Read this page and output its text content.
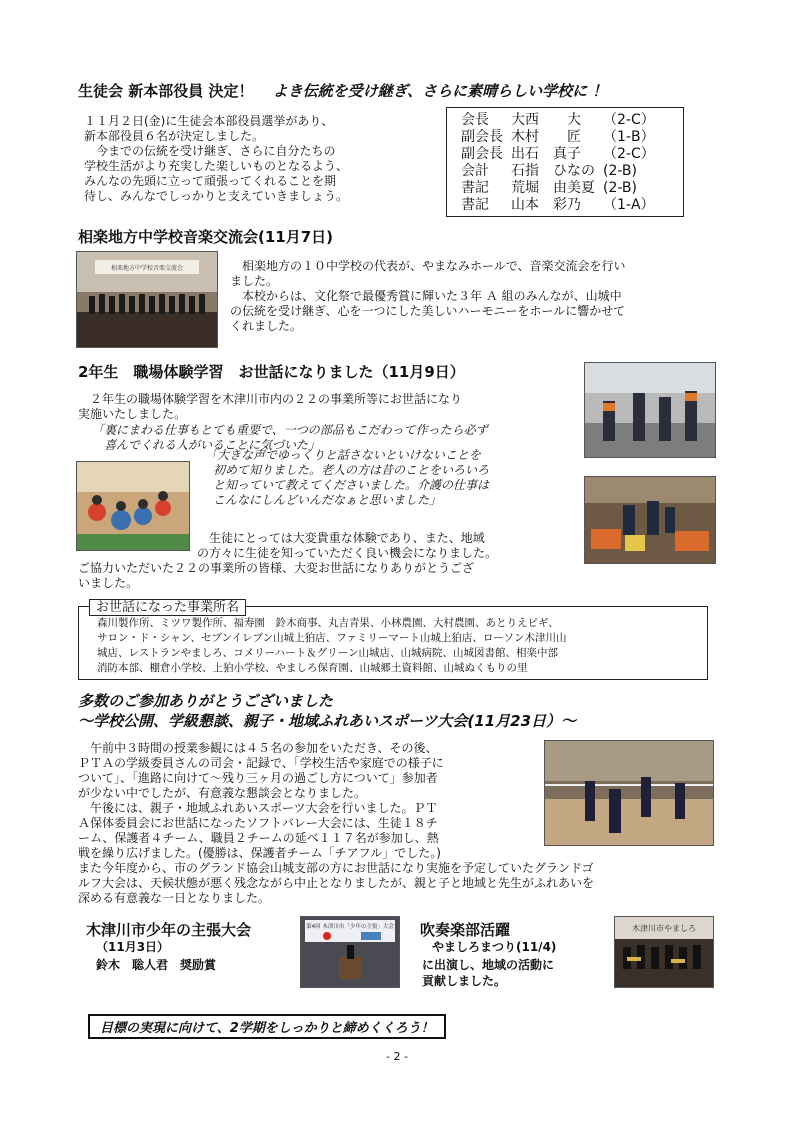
生徒会 新本部役員 決定！ よき伝統を受け継ぎ、さらに素晴らしい学校に ！
１１月２日(金)に生徒会本部役員選挙があり、
新本部役員６名が決定しました。
今までの伝統を受け継ぎ、さらに自分たちの
学校生活がより充実した楽しいものとなるよう、
みんなの先頭に立って頑張ってくれることを期
待し、みんなでしっかりと支えていきましょう。
会長	大西　　大	（2-C）
副会長	木村　　匠	（1-B）
副会長	出石　真子	（2-C）
会計	石指　ひなの	(2-B)
書記	荒堀　由美夏	(2-B)
書記	山本　彩乃	（1-A）
相楽地方中学校音楽交流会(11月7日)
相楽地方中学校音楽交流会	相楽地方の１０中学校の代表が、やまなみホールで、音楽交流会を行い
ました。
本校からは、文化祭で最優秀賞に輝いた３年 Ａ 組のみんなが、山城中
の伝統を受け継ぎ、心を一つにした美しいハーモニーをホールに響かせて
くれました。
2年生　職場体験学習　お世話になりました（11月9日）
２年生の職場体験学習を木津川市内の２２の事業所等にお世話になり
実施いたしました。
「裏にまわる仕事もとても重要で、一つの部品もこだわって作ったら必ず
喜んでくれる人がいることに気づいた」
「大きな声でゆっくりと話さないといけないことを
初めて知りました。老人の方は昔のことをいろいろ
と知っていて教えてくださいました。介護の仕事は
こんなにしんどいんだなぁと思いました」
生徒にとっては大変貴重な体験であり、また、地域
の方々に生徒を知っていただく良い機会になりました。
ご協力いただいた２２の事業所の皆様、大変お世話になりありがとうござ
いました。
お世話になった事業所名
森川製作所、ミツワ製作所、福寿園　鈴木商事、丸吉青果、小林農園、大村農園、あとりえピギ、
サロン・ド・シャン、セブンイレブン山城上狛店、ファミリーマート山城上狛店、ローソン木津川山
城店、レストランやましろ、コメリーハート＆グリーン山城店、山城病院、山城図書館、相楽中部
消防本部、棚倉小学校、上狛小学校、やましろ保育園、山城郷土資料館、山城ぬくもりの里
多数のご参加ありがとうございました
～学校公開、学級懇談、親子・地域ふれあいスポーツ大会(11月23日）～
午前中３時間の授業参観には４５名の参加をいただき、その後、
ＰＴＡの学級委員さんの司会・記録で、「学校生活や家庭での様子に
ついて」、「進路に向けて～残り三ヶ月の過ごし方について」参加者
が少ない中でしたが、有意義な懇談会となりました。
午後には、親子・地域ふれあいスポーツ大会を行いました。ＰＴ
Ａ保体委員会にお世話になったソフトバレー大会には、生徒１８チ
ーム、保護者４チーム、職員２チームの延べ１１７名が参加し、熱
戦を繰り広げました。(優勝は、保護者チーム「チアフル」でした。)
また今年度から、市のグランド協会山城支部の方にお世話になり実施を予定していたグランドゴ
ルフ大会は、天候状態が悪く残念ながら中止となりましたが、親と子と地域と先生がふれあいを
深める有意義な一日となりました。
木津川市少年の主張大会
（11月3日）
鈴木　聡人君　奨励賞
第4回 木津川市「少年の主張」大会 吹奏楽部活躍
やましろまつり(11/4)
に出演し、地域の活動に
貢献しました。
木津川市やましろ
目標の実現に向けて、2学期をしっかりと締めくくろう！
- 2 -
